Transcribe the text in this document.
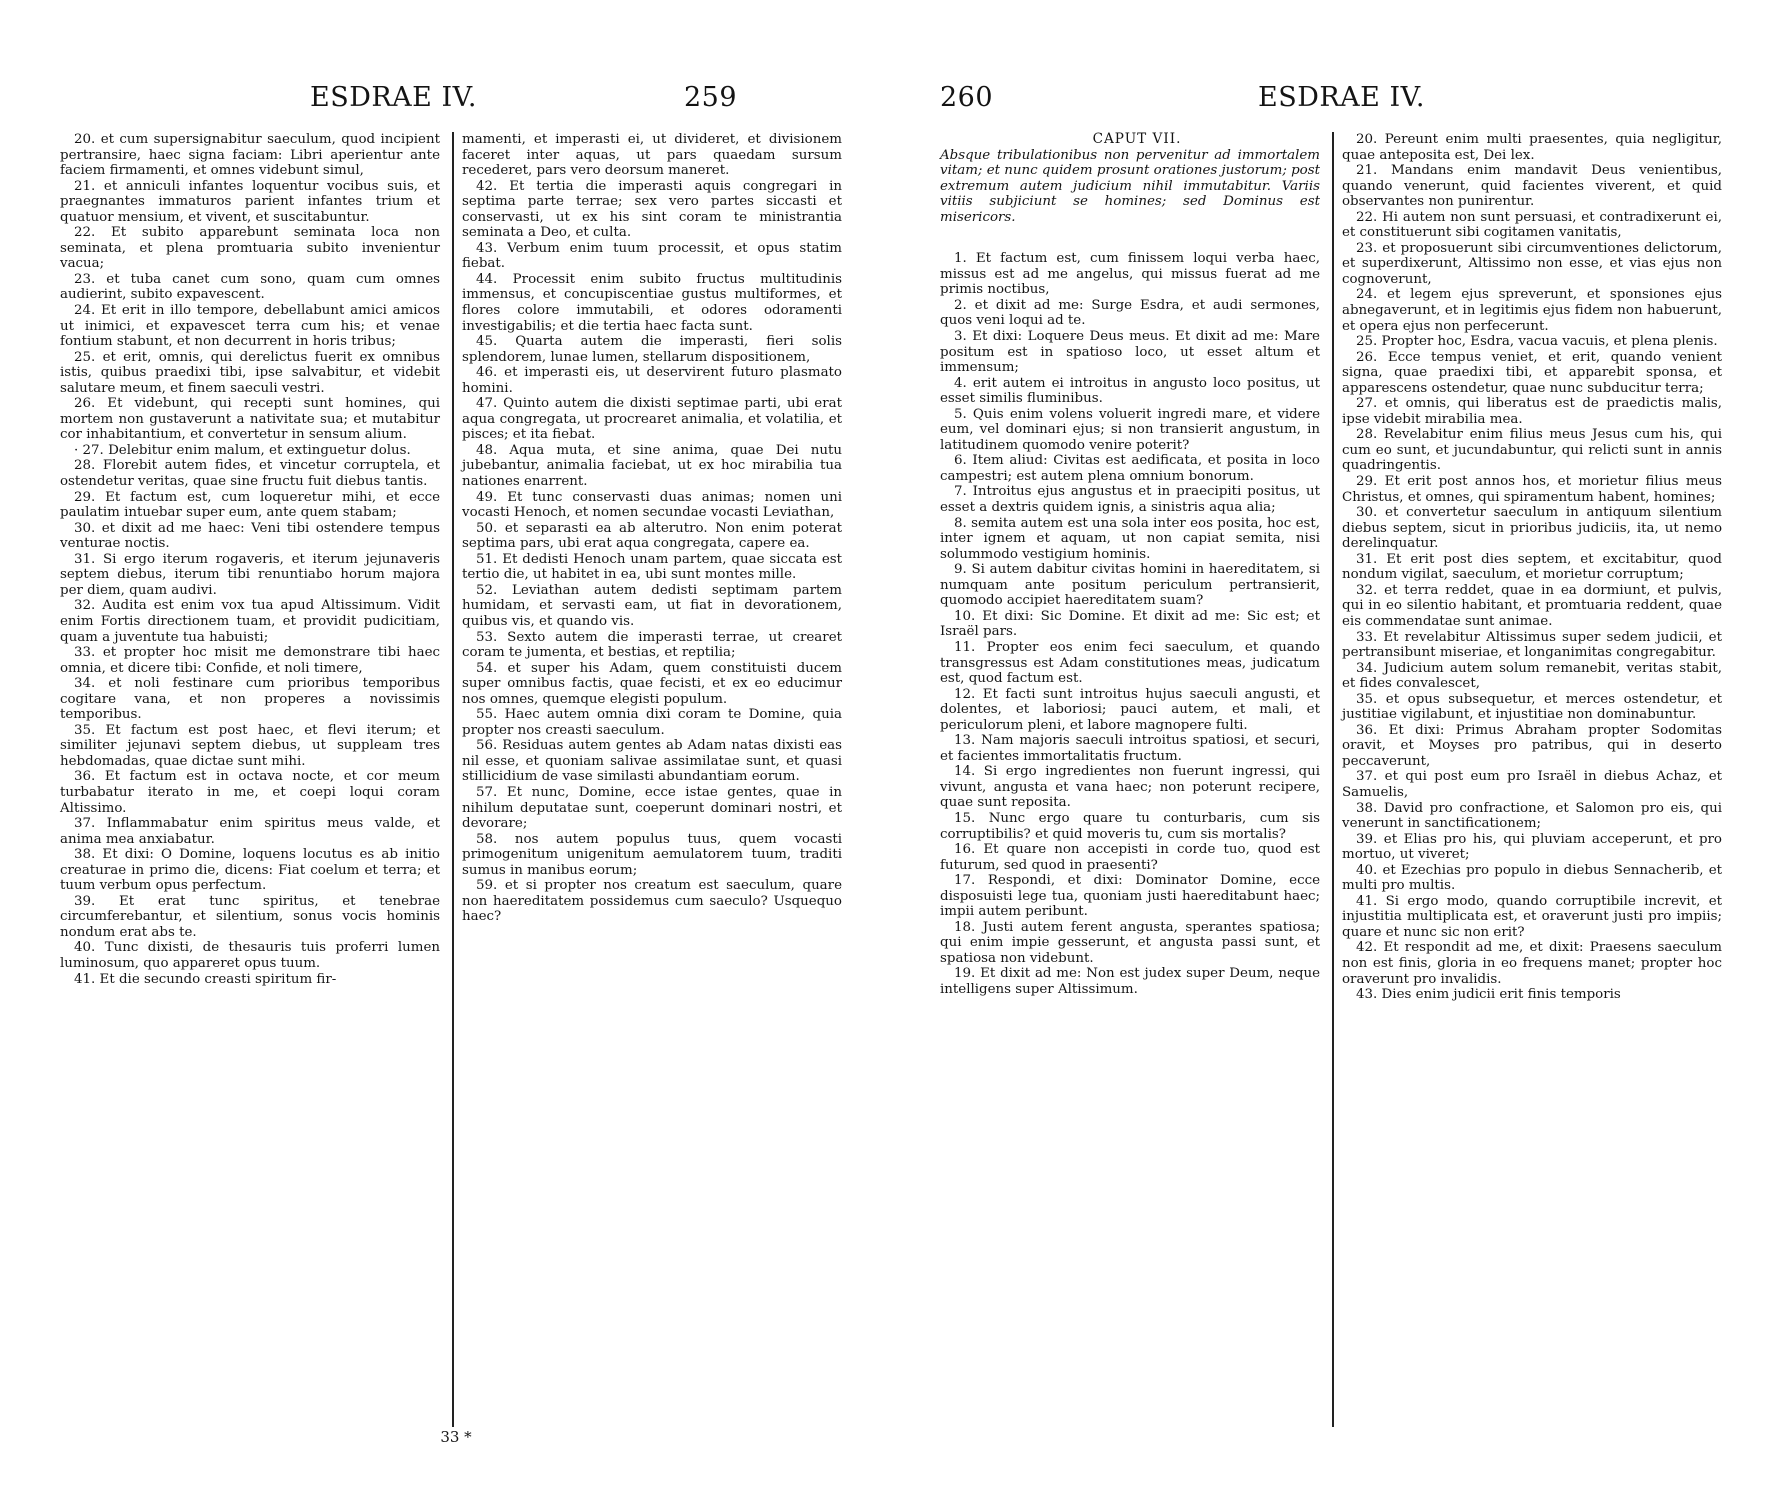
ESDRAE IV.	259

20. et cum supersignabitur saeculum, quod incipient pertransire, haec signa faciam: Libri aperientur ante faciem firmamenti, et omnes videbunt simul,

21. et anniculi infantes loquentur vocibus suis, et praegnantes immaturos parient infantes trium et quatuor mensium, et vivent, et suscitabuntur.

22. Et subito apparebunt seminata loca non seminata, et plena promtuaria subito invenientur vacua;

23. et tuba canet cum sono, quam cum omnes audierint, subito expavescent.

24. Et erit in illo tempore, debellabunt amici amicos ut inimici, et expavescet terra cum his; et venae fontium stabunt, et non decurrent in horis tribus;

25. et erit, omnis, qui derelictus fuerit ex omnibus istis, quibus praedixi tibi, ipse salvabitur, et videbit salutare meum, et finem saeculi vestri.

26. Et videbunt, qui recepti sunt homines, qui mortem non gustaverunt a nativitate sua; et mutabitur cor inhabitantium, et convertetur in sensum alium.

· 27. Delebitur enim malum, et extinguetur dolus.

28. Florebit autem fides, et vincetur corruptela, et ostendetur veritas, quae sine fructu fuit diebus tantis.

29. Et factum est, cum loqueretur mihi, et ecce paulatim intuebar super eum, ante quem stabam;

30. et dixit ad me haec: Veni tibi ostendere tempus venturae noctis.

31. Si ergo iterum rogaveris, et iterum jejunaveris septem diebus, iterum tibi renuntiabo horum majora per diem, quam audivi.

32. Audita est enim vox tua apud Altissimum. Vidit enim Fortis directionem tuam, et providit pudicitiam, quam a juventute tua habuisti;

33. et propter hoc misit me demonstrare tibi haec omnia, et dicere tibi: Confide, et noli timere,

34. et noli festinare cum prioribus temporibus cogitare vana, et non properes a novissimis temporibus.

35. Et factum est post haec, et flevi iterum; et similiter jejunavi septem diebus, ut suppleam tres hebdomadas, quae dictae sunt mihi.

36. Et factum est in octava nocte, et cor meum turbabatur iterato in me, et coepi loqui coram Altissimo.

37. Inflammabatur enim spiritus meus valde, et anima mea anxiabatur.

38. Et dixi: O Domine, loquens locutus es ab initio creaturae in primo die, dicens: Fiat coelum et terra; et tuum verbum opus perfectum.

39. Et erat tunc spiritus, et tenebrae circumferebantur, et silentium, sonus vocis hominis nondum erat abs te.

40. Tunc dixisti, de thesauris tuis proferri lumen luminosum, quo appareret opus tuum.

41. Et die secundo creasti spiritum fir-

mamenti, et imperasti ei, ut divideret, et divisionem faceret inter aquas, ut pars quaedam sursum recederet, pars vero deorsum maneret.

42. Et tertia die imperasti aquis congregari in septima parte terrae; sex vero partes siccasti et conservasti, ut ex his sint coram te ministrantia seminata a Deo, et culta.

43. Verbum enim tuum processit, et opus statim fiebat.

44. Processit enim subito fructus multitudinis immensus, et concupiscentiae gustus multiformes, et flores colore immutabili, et odores odoramenti investigabilis; et die tertia haec facta sunt.

45. Quarta autem die imperasti, fieri solis splendorem, lunae lumen, stellarum dispositionem,

46. et imperasti eis, ut deservirent futuro plasmato homini.

47. Quinto autem die dixisti septimae parti, ubi erat aqua congregata, ut procrearet animalia, et volatilia, et pisces; et ita fiebat.

48. Aqua muta, et sine anima, quae Dei nutu jubebantur, animalia faciebat, ut ex hoc mirabilia tua nationes enarrent.

49. Et tunc conservasti duas animas; nomen uni vocasti Henoch, et nomen secundae vocasti Leviathan,

50. et separasti ea ab alterutro. Non enim poterat septima pars, ubi erat aqua congregata, capere ea.

51. Et dedisti Henoch unam partem, quae siccata est tertio die, ut habitet in ea, ubi sunt montes mille.

52. Leviathan autem dedisti septimam partem humidam, et servasti eam, ut fiat in devorationem, quibus vis, et quando vis.

53. Sexto autem die imperasti terrae, ut crearet coram te jumenta, et bestias, et reptilia;

54. et super his Adam, quem constituisti ducem super omnibus factis, quae fecisti, et ex eo educimur nos omnes, quemque elegisti populum.

55. Haec autem omnia dixi coram te Domine, quia propter nos creasti saeculum.

56. Residuas autem gentes ab Adam natas dixisti eas nil esse, et quoniam salivae assimilatae sunt, et quasi stillicidium de vase similasti abundantiam eorum.

57. Et nunc, Domine, ecce istae gentes, quae in nihilum deputatae sunt, coeperunt dominari nostri, et devorare;

58. nos autem populus tuus, quem vocasti primogenitum unigenitum aemulatorem tuum, traditi sumus in manibus eorum;

59. et si propter nos creatum est saeculum, quare non haereditatem possidemus cum saeculo? Usquequo haec?

33 *
260	ESDRAE IV.

CAPUT VII.

Absque tribulationibus non pervenitur ad immortalem vitam; et nunc quidem prosunt orationes justorum; post extremum autem judicium nihil immutabitur. Variis vitiis subjiciunt se homines; sed Dominus est misericors.

1. Et factum est, cum finissem loqui verba haec, missus est ad me angelus, qui missus fuerat ad me primis noctibus,

2. et dixit ad me: Surge Esdra, et audi sermones, quos veni loqui ad te.

3. Et dixi: Loquere Deus meus. Et dixit ad me: Mare positum est in spatioso loco, ut esset altum et immensum;

4. erit autem ei introitus in angusto loco positus, ut esset similis fluminibus.

5. Quis enim volens voluerit ingredi mare, et videre eum, vel dominari ejus; si non transierit angustum, in latitudinem quomodo venire poterit?

6. Item aliud: Civitas est aedificata, et posita in loco campestri; est autem plena omnium bonorum.

7. Introitus ejus angustus et in praecipiti positus, ut esset a dextris quidem ignis, a sinistris aqua alia;

8. semita autem est una sola inter eos posita, hoc est, inter ignem et aquam, ut non capiat semita, nisi solummodo vestigium hominis.

9. Si autem dabitur civitas homini in haereditatem, si numquam ante positum periculum pertransierit, quomodo accipiet haereditatem suam?

10. Et dixi: Sic Domine. Et dixit ad me: Sic est; et Israël pars.

11. Propter eos enim feci saeculum, et quando transgressus est Adam constitutiones meas, judicatum est, quod factum est.

12. Et facti sunt introitus hujus saeculi angusti, et dolentes, et laboriosi; pauci autem, et mali, et periculorum pleni, et labore magnopere fulti.

13. Nam majoris saeculi introitus spatiosi, et securi, et facientes immortalitatis fructum.

14. Si ergo ingredientes non fuerunt ingressi, qui vivunt, angusta et vana haec; non poterunt recipere, quae sunt reposita.

15. Nunc ergo quare tu conturbaris, cum sis corruptibilis? et quid moveris tu, cum sis mortalis?

16. Et quare non accepisti in corde tuo, quod est futurum, sed quod in praesenti?

17. Respondi, et dixi: Dominator Domine, ecce disposuisti lege tua, quoniam justi haereditabunt haec; impii autem peribunt.

18. Justi autem ferent angusta, sperantes spatiosa; qui enim impie gesserunt, et angusta passi sunt, et spatiosa non videbunt.

19. Et dixit ad me: Non est judex super Deum, neque intelligens super Altissimum.

20. Pereunt enim multi praesentes, quia negligitur, quae anteposita est, Dei lex.

21. Mandans enim mandavit Deus venientibus, quando venerunt, quid facientes viverent, et quid observantes non punirentur.

22. Hi autem non sunt persuasi, et contradixerunt ei, et constituerunt sibi cogitamen vanitatis,

23. et proposuerunt sibi circumventiones delictorum, et superdixerunt, Altissimo non esse, et vias ejus non cognoverunt,

24. et legem ejus spreverunt, et sponsiones ejus abnegaverunt, et in legitimis ejus fidem non habuerunt, et opera ejus non perfecerunt.

25. Propter hoc, Esdra, vacua vacuis, et plena plenis.

26. Ecce tempus veniet, et erit, quando venient signa, quae praedixi tibi, et apparebit sponsa, et apparescens ostendetur, quae nunc subducitur terra;

27. et omnis, qui liberatus est de praedictis malis, ipse videbit mirabilia mea.

28. Revelabitur enim filius meus Jesus cum his, qui cum eo sunt, et jucundabuntur, qui relicti sunt in annis quadringentis.

29. Et erit post annos hos, et morietur filius meus Christus, et omnes, qui spiramentum habent, homines;

30. et convertetur saeculum in antiquum silentium diebus septem, sicut in prioribus judiciis, ita, ut nemo derelinquatur.

31. Et erit post dies septem, et excitabitur, quod nondum vigilat, saeculum, et morietur corruptum;

32. et terra reddet, quae in ea dormiunt, et pulvis, qui in eo silentio habitant, et promtuaria reddent, quae eis commendatae sunt animae.

33. Et revelabitur Altissimus super sedem judicii, et pertransibunt miseriae, et longanimitas congregabitur.

34. Judicium autem solum remanebit, veritas stabit, et fides convalescet,

35. et opus subsequetur, et merces ostendetur, et justitiae vigilabunt, et injustitiae non dominabuntur.

36. Et dixi: Primus Abraham propter Sodomitas oravit, et Moyses pro patribus, qui in deserto peccaverunt,

37. et qui post eum pro Israël in diebus Achaz, et Samuelis,

38. David pro confractione, et Salomon pro eis, qui venerunt in sanctificationem;

39. et Elias pro his, qui pluviam acceperunt, et pro mortuo, ut viveret;

40. et Ezechias pro populo in diebus Sennacherib, et multi pro multis.

41. Si ergo modo, quando corruptibile increvit, et injustitia multiplicata est, et oraverunt justi pro impiis; quare et nunc sic non erit?

42. Et respondit ad me, et dixit: Praesens saeculum non est finis, gloria in eo frequens manet; propter hoc oraverunt pro invalidis.

43. Dies enim judicii erit finis temporis
